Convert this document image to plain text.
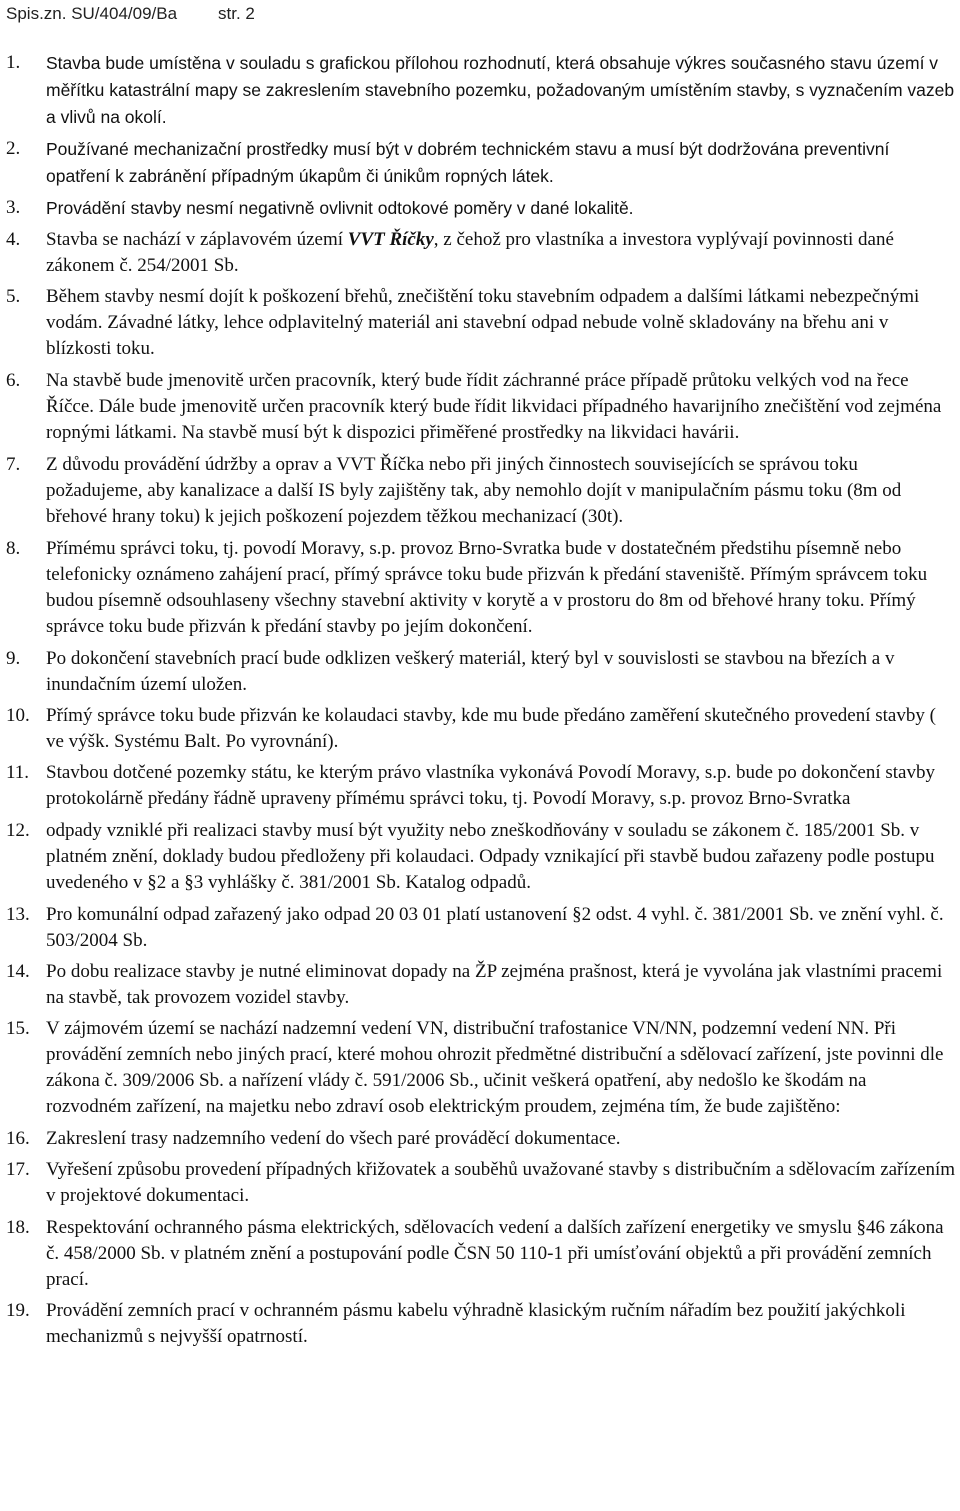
Spis.zn. SU/404/09/Ba str. 2
1.	Stavba bude umístěna v souladu s grafickou přílohou rozhodnutí, která obsahuje výkres současného stavu území v měřítku katastrální mapy se zakreslením stavebního pozemku, požadovaným umístěním stavby, s vyznačením vazeb a vlivů na okolí.
2.	Používané mechanizační prostředky musí být v dobrém technickém stavu a musí být dodržována preventivní opatření k zabránění případným úkapům či únikům ropných látek.
3.	Provádění stavby nesmí negativně ovlivnit odtokové poměry v dané lokalitě.
4.	Stavba se nachází v záplavovém území VVT Říčky, z čehož pro vlastníka a investora vyplývají povinnosti dané zákonem č. 254/2001 Sb.
5.	Během stavby nesmí dojít k poškození břehů, znečištění toku stavebním odpadem a dalšími látkami nebezpečnými vodám. Závadné látky, lehce odplavitelný materiál ani stavební odpad nebude volně skladovány na břehu ani v blízkosti toku.
6.	Na stavbě bude jmenovitě určen pracovník, který bude řídit záchranné práce případě průtoku velkých vod na řece Říčce. Dále bude jmenovitě určen pracovník který bude řídit likvidaci případného havarijního znečištění vod zejména ropnými látkami. Na stavbě musí být k dispozici přiměřené prostředky na likvidaci havárii.
7.	Z důvodu provádění údržby a oprav a VVT Říčka nebo při jiných činnostech souvisejících se správou toku požadujeme, aby kanalizace a další IS byly zajištěny tak, aby nemohlo dojít v manipulačním pásmu toku (8m od břehové hrany toku) k jejich poškození pojezdem těžkou mechanizací (30t).
8.	Přímému správci toku, tj. povodí Moravy, s.p. provoz Brno-Svratka bude v dostatečném předstihu písemně nebo telefonicky oznámeno zahájení prací, přímý správce toku bude přizván k předání staveniště. Přímým správcem toku budou písemně odsouhlaseny všechny stavební aktivity v korytě a v prostoru do 8m od břehové hrany toku. Přímý správce toku bude přizván k předání stavby po jejím dokončení.
9.	Po dokončení stavebních prací bude odklizen veškerý materiál, který byl v souvislosti se stavbou na březích a v inundačním území uložen.
10. Přímý správce toku bude přizván ke kolaudaci stavby, kde mu bude předáno zaměření skutečného provedení stavby ( ve výšk. Systému Balt. Po vyrovnání).
11. Stavbou dotčené pozemky státu, ke kterým právo vlastníka vykonává Povodí Moravy, s.p. bude po dokončení stavby protokolárně předány řádně upraveny přímému správci toku, tj. Povodí Moravy, s.p. provoz Brno-Svratka
12. odpady vzniklé při realizaci stavby musí být využity nebo zneškodňovány v souladu se zákonem č. 185/2001 Sb. v platném znění, doklady budou předloženy při kolaudaci. Odpady vznikající při stavbě budou zařazeny podle postupu uvedeného v §2 a §3 vyhlášky č. 381/2001 Sb. Katalog odpadů.
13. Pro komunální odpad zařazený jako odpad 20 03 01 platí ustanovení §2 odst. 4 vyhl. č. 381/2001 Sb. ve znění vyhl. č. 503/2004 Sb.
14. Po dobu realizace stavby je nutné eliminovat dopady na ŽP zejména prašnost, která je vyvolána jak vlastními pracemi na stavbě, tak provozem vozidel stavby.
15. V zájmovém území se nachází nadzemní vedení VN, distribuční trafostanice VN/NN, podzemní vedení NN. Při provádění zemních nebo jiných prací, které mohou ohrozit předmětné distribuční a sdělovací zařízení, jste povinni dle zákona č. 309/2006 Sb. a nařízení vlády č. 591/2006 Sb., učinit veškerá opatření, aby nedošlo ke škodám na rozvodném zařízení, na majetku nebo zdraví osob elektrickým proudem, zejména tím, že bude zajištěno:
16. Zakreslení trasy nadzemního vedení do všech paré prováděcí dokumentace.
17. Vyřešení způsobu provedení případných křižovatek a souběhů uvažované stavby s distribučním a sdělovacím zařízením v projektové dokumentaci.
18. Respektování ochranného pásma elektrických, sdělovacích vedení a dalších zařízení energetiky ve smyslu §46 zákona č. 458/2000 Sb. v platném znění a postupování podle ČSN 50 110-1 při umísťování objektů a při provádění zemních prací.
19. Provádění zemních prací v ochranném pásmu kabelu výhradně klasickým ručním nářadím bez použití jakýchkoli mechanizmů s nejvyšší opatrností.
